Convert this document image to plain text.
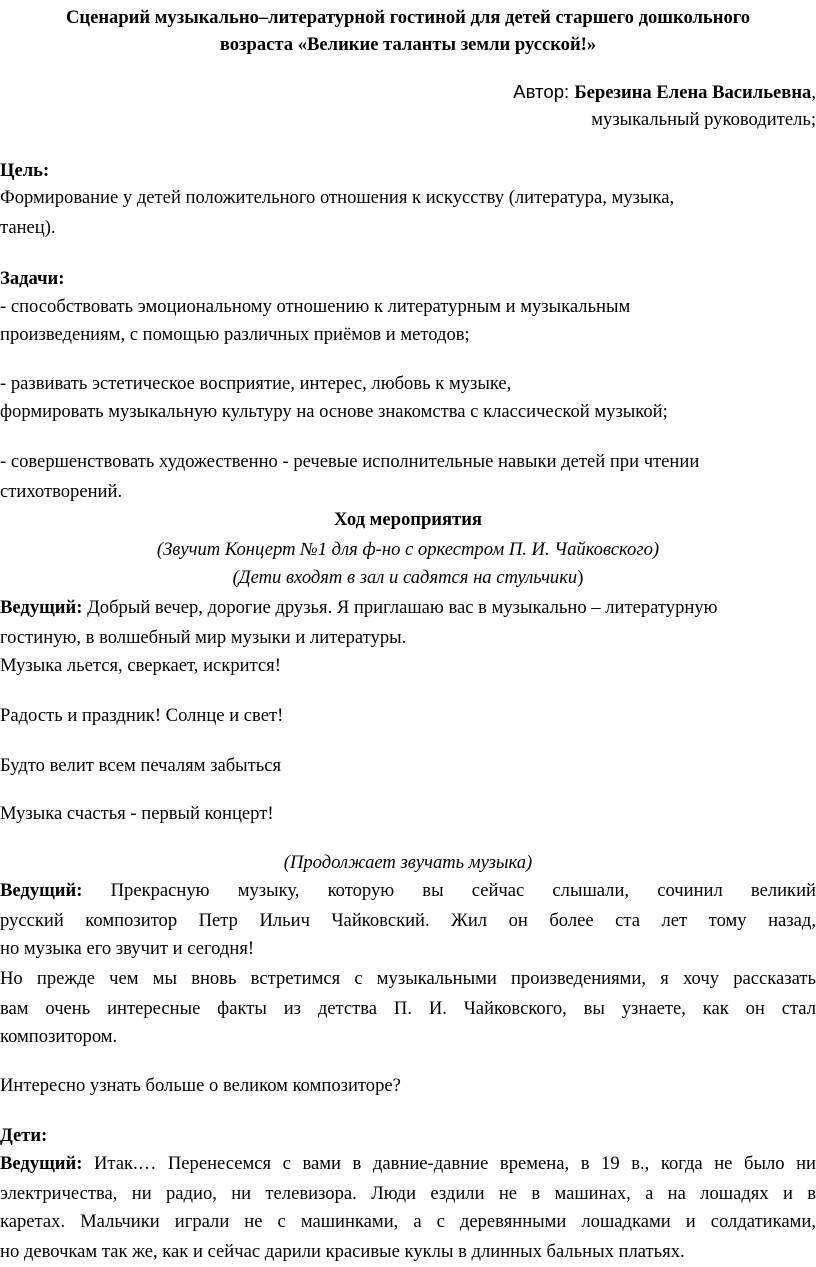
Сценарий музыкально–литературной гостиной для детей старшего дошкольного
возраста «Великие таланты земли русской!»
Автор: Березина Елена Васильевна,
музыкальный руководитель;
Цель:
Формирование у детей положительного отношения к искусству (литература, музыка,
танец).
Задачи:
- способствовать эмоциональному отношению к литературным и музыкальным
произведениям, с помощью различных приёмов и методов;
- развивать эстетическое восприятие, интерес, любовь к музыке,
формировать музыкальную культуру на основе знакомства с классической музыкой;
- совершенствовать художественно - речевые исполнительные навыки детей при чтении
стихотворений.
Ход мероприятия
(Звучит Концерт №1 для ф-но с оркестром П. И. Чайковского)
(Дети входят в зал и садятся на стульчики)
Ведущий: Добрый вечер, дорогие друзья. Я приглашаю вас в музыкально – литературную
гостиную, в волшебный мир музыки и литературы.
Музыка льется, сверкает, искрится!
Радость и праздник! Солнце и свет!
Будто велит всем печалям забыться
Музыка счастья - первый концерт!
(Продолжает звучать музыка)
Ведущий: Прекрасную музыку, которую вы сейчас слышали, сочинил великий
русский композитор Петр Ильич Чайковский. Жил он более ста лет тому назад,
но музыка его звучит и сегодня!
Но прежде чем мы вновь встретимся с музыкальными произведениями, я хочу рассказать
вам очень интересные факты из детства П. И. Чайковского, вы узнаете, как он стал
композитором.
Интересно узнать больше о великом композиторе?
Дети:
Ведущий: Итак.… Перенесемся с вами в давние-давние времена, в 19 в., когда не было ни
электричества, ни радио, ни телевизора. Люди ездили не в машинах, а на лошадях и в
каретах. Мальчики играли не с машинками, а с деревянными лошадками и солдатиками,
но девочкам так же, как и сейчас дарили красивые куклы в длинных бальных платьях.
